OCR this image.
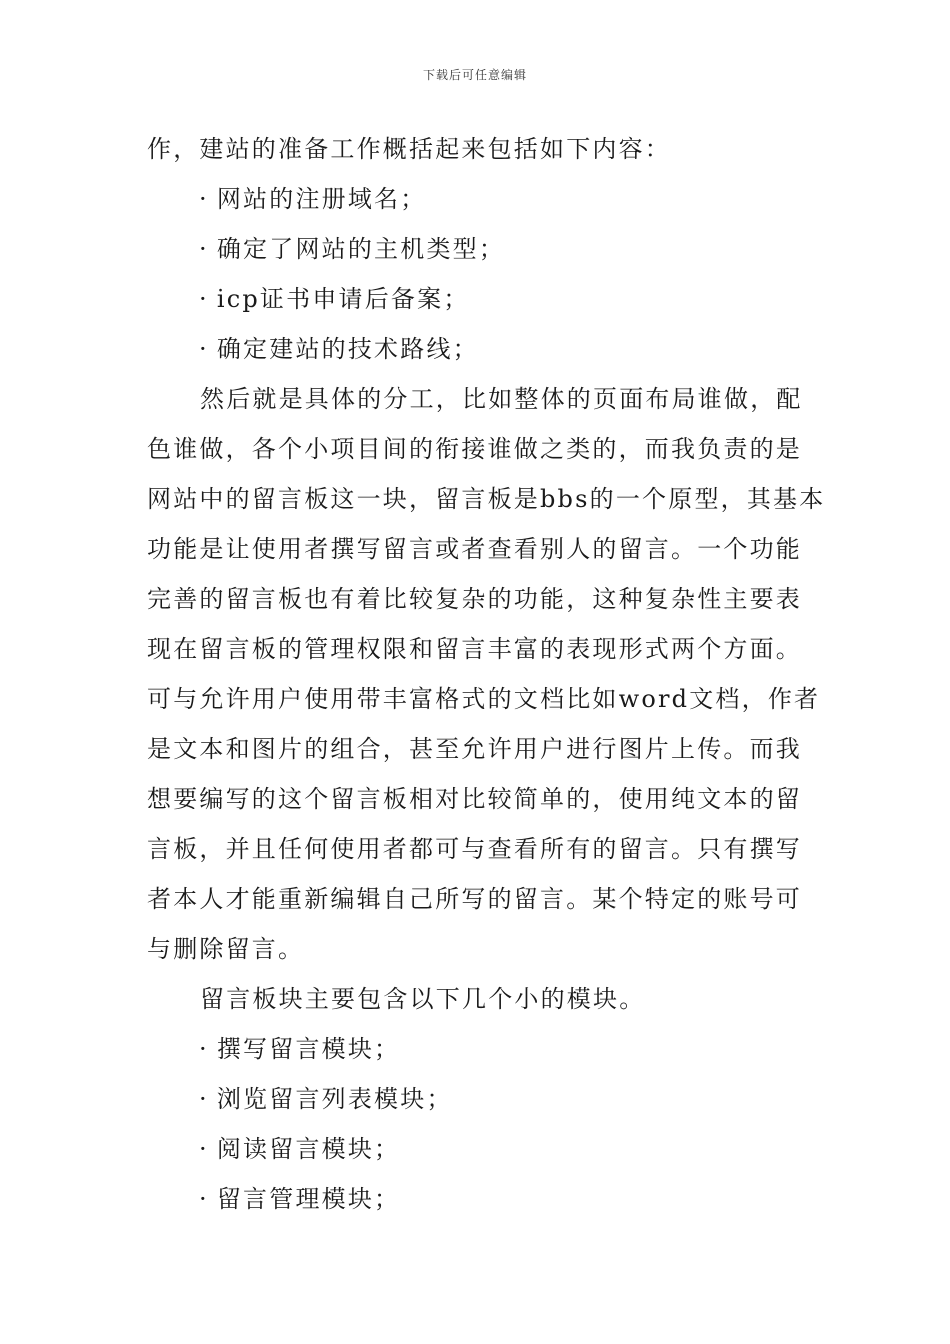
下载后可任意编辑
作，建站的准备工作概括起来包括如下内容：
· 网站的注册域名；
· 确定了网站的主机类型；
· icp证书申请后备案；
· 确定建站的技术路线；
然后就是具体的分工，比如整体的页面布局谁做，配
色谁做，各个小项目间的衔接谁做之类的，而我负责的是
网站中的留言板这一块，留言板是bbs的一个原型，其基本
功能是让使用者撰写留言或者查看别人的留言。一个功能
完善的留言板也有着比较复杂的功能，这种复杂性主要表
现在留言板的管理权限和留言丰富的表现形式两个方面。
可与允许用户使用带丰富格式的文档比如word文档，作者
是文本和图片的组合，甚至允许用户进行图片上传。而我
想要编写的这个留言板相对比较简单的，使用纯文本的留
言板，并且任何使用者都可与查看所有的留言。只有撰写
者本人才能重新编辑自己所写的留言。某个特定的账号可
与删除留言。
留言板块主要包含以下几个小的模块。
· 撰写留言模块；
· 浏览留言列表模块；
· 阅读留言模块；
· 留言管理模块；
